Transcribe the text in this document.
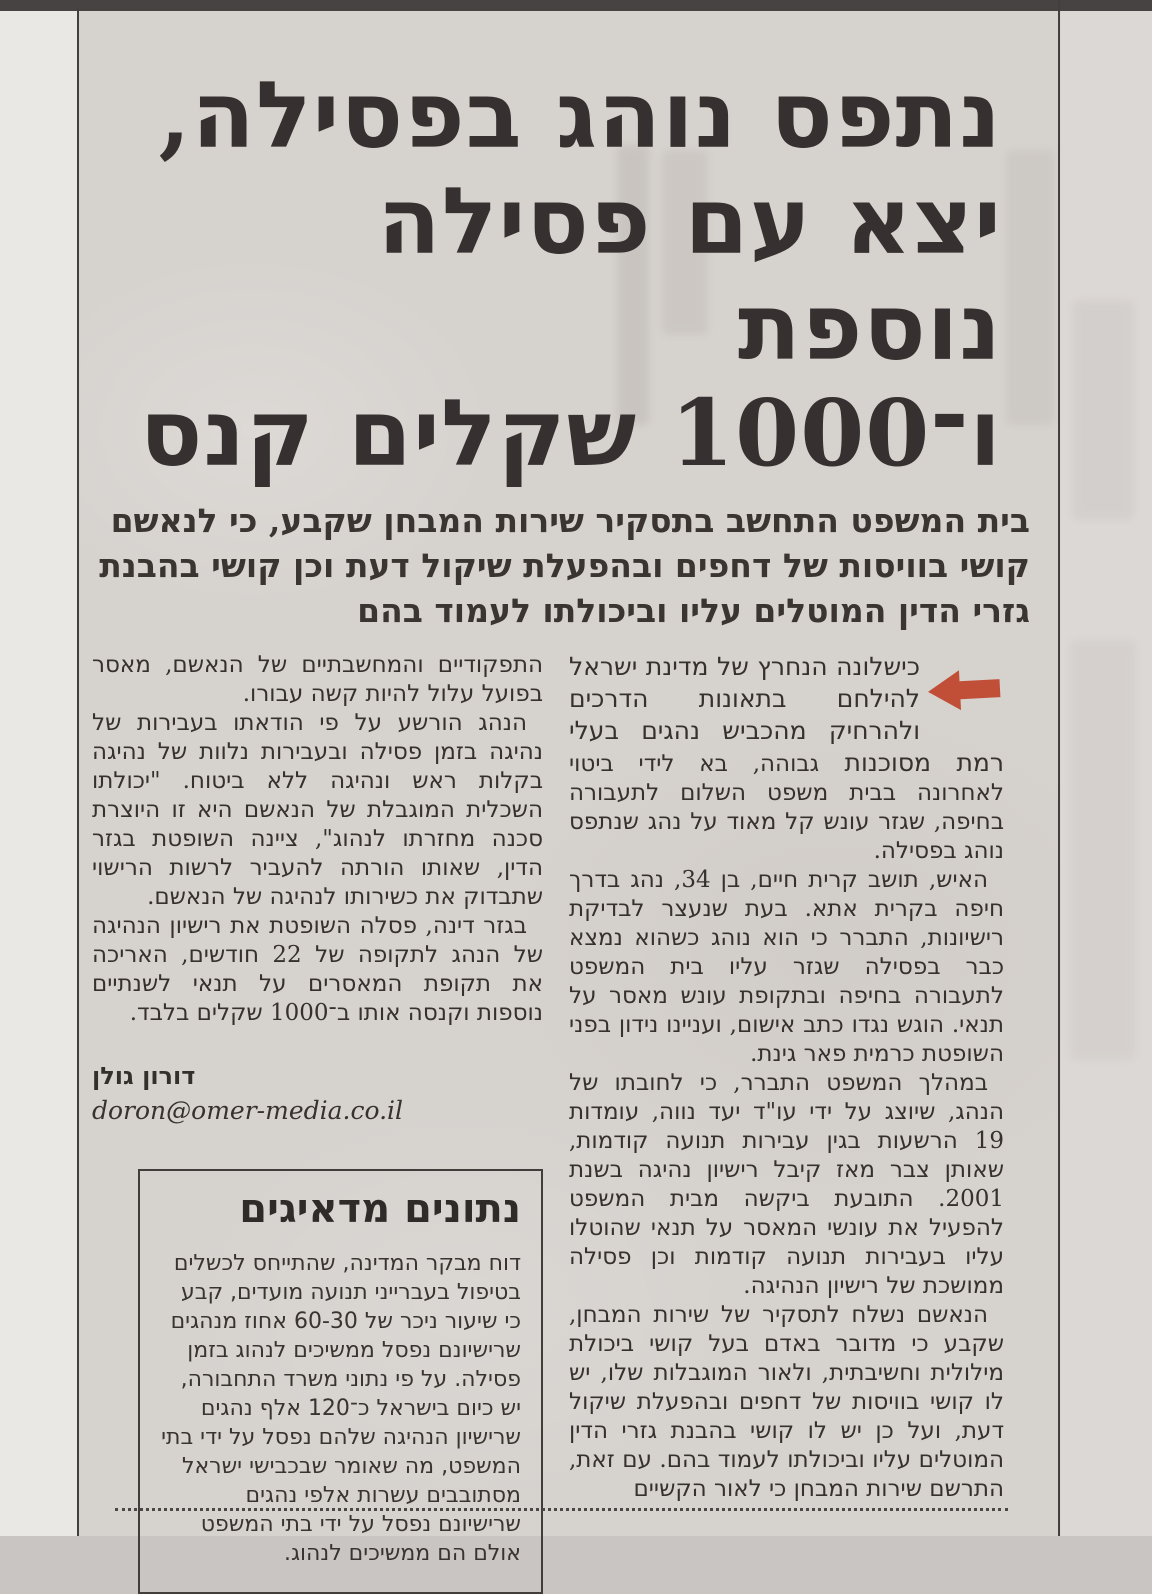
נתפס נוהג בפסילה,
יצא עם פסילה נוספת
ו־1000 שקלים קנס
בית המשפט התחשב בתסקיר שירות המבחן שקבע, כי לנאשם קושי בוויסות של דחפים ובהפעלת שיקול דעת וכן קושי בהבנת גזרי הדין המוטלים עליו וביכולתו לעמוד בהם

כישלונה הנחרץ של מדינת ישראל להילחם בתאונות הדרכים ולהרחיק מהכביש נהגים בעלי רמת מסוכנות גבוהה, בא לידי ביטוי לאחרונה בבית משפט השלום לתעבורה בחיפה, שגזר עונש קל מאוד על נהג שנתפס נוהג בפסילה.

האיש, תושב קרית חיים, בן 34, נהג בדרך חיפה בקרית אתא. בעת שנעצר לבדיקת רישיונות, התברר כי הוא נוהג כשהוא נמצא כבר בפסילה שגזר עליו בית המשפט לתעבורה בחיפה ובתקופת עונש מאסר על תנאי. הוגש נגדו כתב אישום, ועניינו נידון בפני השופטת כרמית פאר גינת.

במהלך המשפט התברר, כי לחובתו של הנהג, שיוצג על ידי עו"ד יעד נווה, עומדות 19 הרשעות בגין עבירות תנועה קודמות, שאותן צבר מאז קיבל רישיון נהיגה בשנת 2001. התובעת ביקשה מבית המשפט להפעיל את עונשי המאסר על תנאי שהוטלו עליו בעבירות תנועה קודמות וכן פסילה ממושכת של רישיון הנהיגה.

הנאשם נשלח לתסקיר של שירות המבחן, שקבע כי מדובר באדם בעל קושי ביכולת מילולית וחשיבתית, ולאור המוגבלות שלו, יש לו קושי בוויסות של דחפים ובהפעלת שיקול דעת, ועל כן יש לו קושי בהבנת גזרי הדין המוטלים עליו וביכולתו לעמוד בהם. עם זאת, התרשם שירות המבחן כי לאור הקשיים

התפקודיים והמחשבתיים של הנאשם, מאסר בפועל עלול להיות קשה עבורו.

הנהג הורשע על פי הודאתו בעבירות של נהיגה בזמן פסילה ובעבירות נלוות של נהיגה בקלות ראש ונהיגה ללא ביטוח. "יכולתו השכלית המוגבלת של הנאשם היא זו היוצרת סכנה מחזרתו לנהוג", ציינה השופטת בגזר הדין, שאותו הורתה להעביר לרשות הרישוי שתבדוק את כשירותו לנהיגה של הנאשם.

בגזר דינה, פסלה השופטת את רישיון הנהיגה של הנהג לתקופה של 22 חודשים, האריכה את תקופת המאסרים על תנאי לשנתיים נוספות וקנסה אותו ב־1000 שקלים בלבד.

דורון גולן
doron@omer-media.co.il
נתונים מדאיגים

דוח מבקר המדינה, שהתייחס לכשלים בטיפול בעברייני תנועה מועדים, קבע כי שיעור ניכר של 60-30 אחוז מנהגים שרישיונם נפסל ממשיכים לנהוג בזמן פסילה. על פי נתוני משרד התחבורה, יש כיום בישראל כ־120 אלף נהגים שרישיון הנהיגה שלהם נפסל על ידי בתי המשפט, מה שאומר שבכבישי ישראל מסתובבים עשרות אלפי נהגים שרישיונם נפסל על ידי בתי המשפט אולם הם ממשיכים לנהוג.
